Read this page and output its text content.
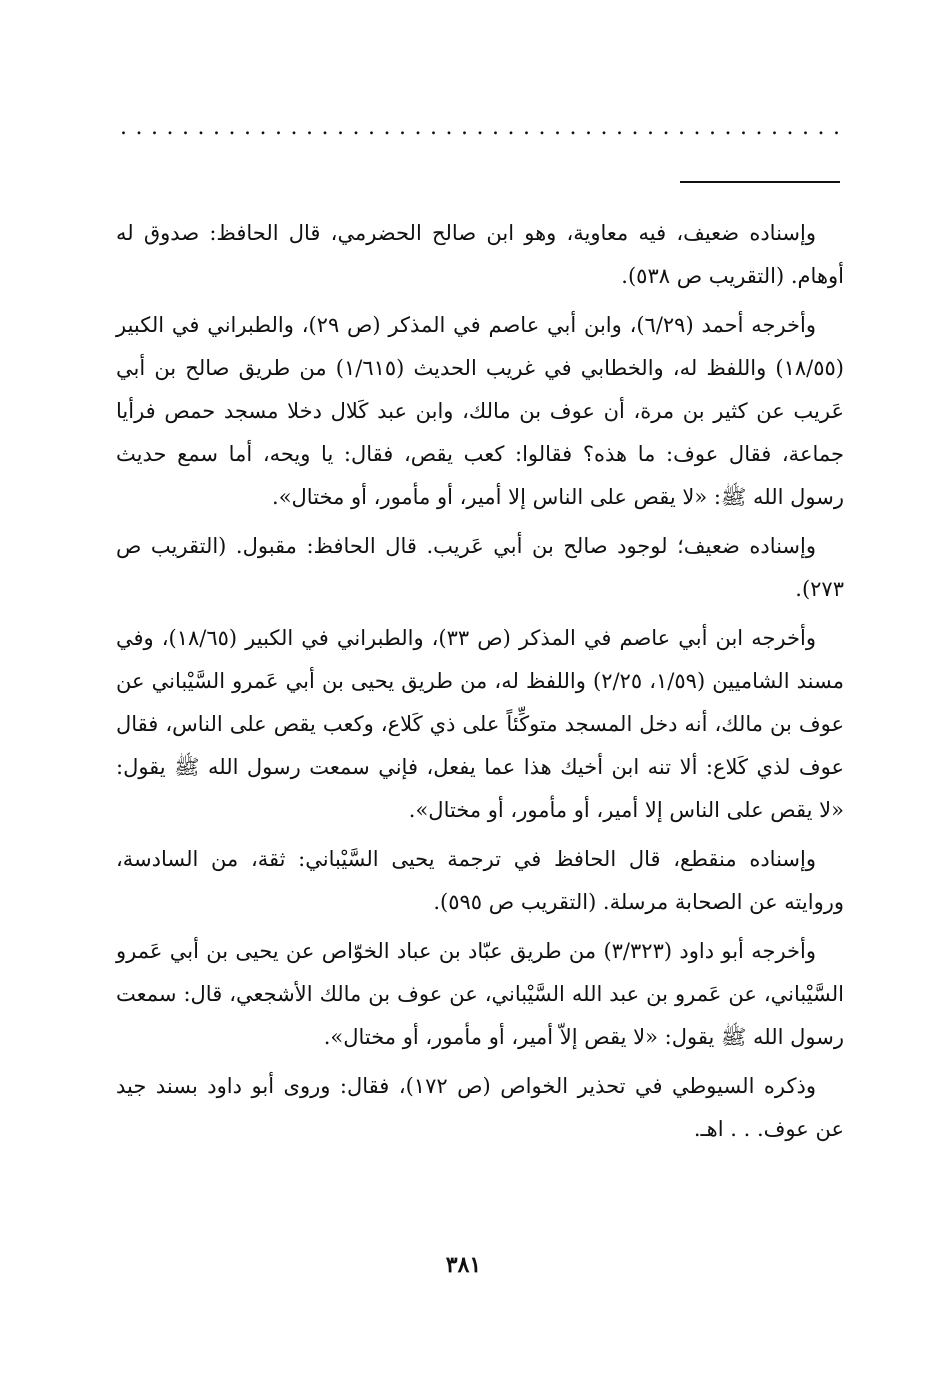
. . . . . . . . . . . . . . . . . . . . . . . . . . . . . . . . . . . . . . . . . . . . . . .

وإسناده ضعيف، فيه معاوية، وهو ابن صالح الحضرمي، قال الحافظ: صدوق له أوهام. (التقريب ص ٥٣٨).

وأخرجه أحمد (٦/٢٩)، وابن أبي عاصم في المذكر (ص ٢٩)، والطبراني في الكبير (١٨/٥٥) واللفظ له، والخطابي في غريب الحديث (١/٦١٥) من طريق صالح بن أبي عَريب عن كثير بن مرة، أن عوف بن مالك، وابن عبد كَلال دخلا مسجد حمص فرأيا جماعة، فقال عوف: ما هذه؟ فقالوا: كعب يقص، فقال: يا ويحه، أما سمع حديث رسول الله ﷺ: «لا يقص على الناس إلا أمير، أو مأمور، أو مختال».

وإسناده ضعيف؛ لوجود صالح بن أبي عَريب. قال الحافظ: مقبول. (التقريب ص ٢٧٣).

وأخرجه ابن أبي عاصم في المذكر (ص ٣٣)، والطبراني في الكبير (١٨/٦٥)، وفي مسند الشاميين (١/٥٩، ٢/٢٥) واللفظ له، من طريق يحيى بن أبي عَمرو السَّيْباني عن عوف بن مالك، أنه دخل المسجد متوكِّئاً على ذي كَلاع، وكعب يقص على الناس، فقال عوف لذي كَلاع: ألا تنه ابن أخيك هذا عما يفعل، فإني سمعت رسول الله ﷺ يقول: «لا يقص على الناس إلا أمير، أو مأمور، أو مختال».

وإسناده منقطع، قال الحافظ في ترجمة يحيى السَّيْباني: ثقة، من السادسة، وروايته عن الصحابة مرسلة. (التقريب ص ٥٩٥).

وأخرجه أبو داود (٣/٣٢٣) من طريق عبّاد بن عباد الخوّاص عن يحيى بن أبي عَمرو السَّيْباني، عن عَمرو بن عبد الله السَّيْباني، عن عوف بن مالك الأشجعي، قال: سمعت رسول الله ﷺ يقول: «لا يقص إلاّ أمير، أو مأمور، أو مختال».

وذكره السيوطي في تحذير الخواص (ص ١٧٢)، فقال: وروى أبو داود بسند جيد عن عوف. . . اهـ.

٣٨١
